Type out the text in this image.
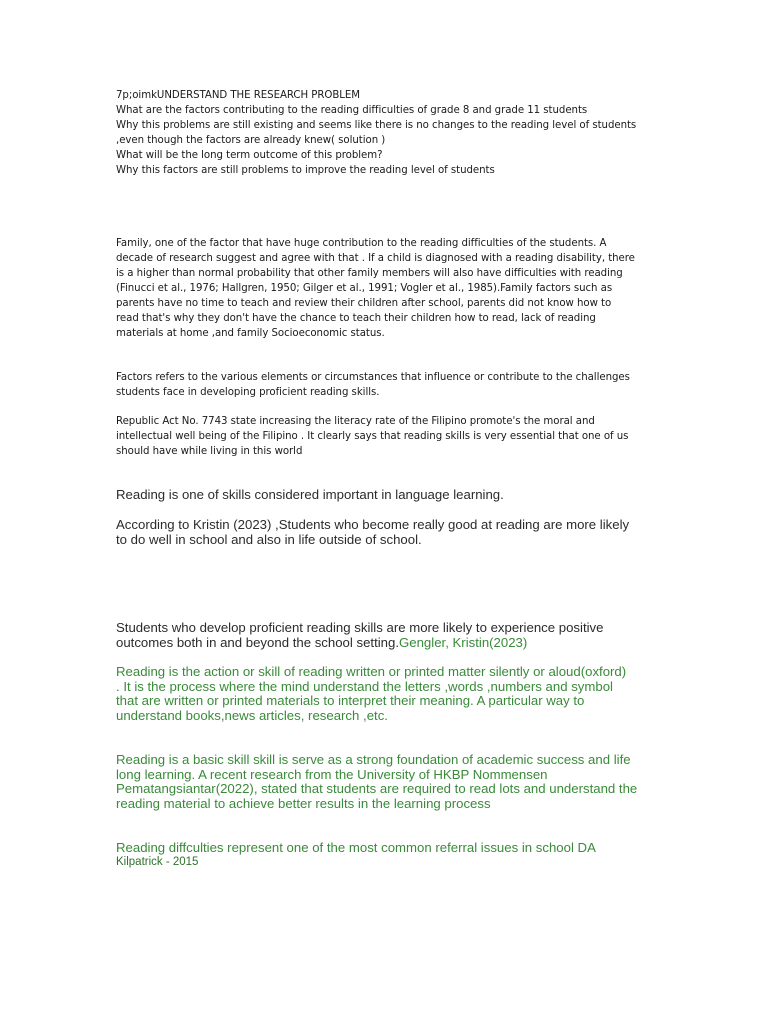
7p;oimkUNDERSTAND THE RESEARCH PROBLEM
What are the factors contributing to the reading difficulties of grade 8 and grade 11 students
Why this problems are still existing and seems like there is no changes to the reading level of students
,even though the factors are already knew( solution )
What will be the long term outcome of this problem?
Why this factors are still problems to improve the reading level of students
Family, one of the factor that have huge contribution to the reading difficulties of the students. A
decade of research suggest and agree with that . If a child is diagnosed with a reading disability, there
is a higher than normal probability that other family members will also have difficulties with reading
(Finucci et al., 1976; Hallgren, 1950; Gilger et al., 1991; Vogler et al., 1985).Family factors such as
parents have no time to teach and review their children after school, parents did not know how to
read that's why they don't have the chance to teach their children how to read, lack of reading
materials at home ,and family Socioeconomic status.
Factors refers to the various elements or circumstances that influence or contribute to the challenges
students face in developing proficient reading skills.
Republic Act No. 7743 state increasing the literacy rate of the Filipino promote's the moral and
intellectual well being of the Filipino . It clearly says that reading skills is very essential that one of us
should have while living in this world
Reading is one of skills considered important in language learning.
According to Kristin (2023) ,Students who become really good at reading are more likely
to do well in school and also in life outside of school.
Students who develop proficient reading skills are more likely to experience positive
outcomes both in and beyond the school setting.Gengler, Kristin(2023)
Reading is the action or skill of reading written or printed matter silently or aloud(oxford)
. It is the process where the mind understand the letters ,words ,numbers and symbol
that are written or printed materials to interpret their meaning. A particular way to
understand books,news articles, research ,etc.
Reading is a basic skill skill is serve as a strong foundation of academic success and life
long learning. A recent research from the University of HKBP Nommensen
Pematangsiantar(2022), stated that students are required to read lots and understand the
reading material to achieve better results in the learning process
Reading diffculties represent one of the most common referral issues in school DA
Kilpatrick - 2015
